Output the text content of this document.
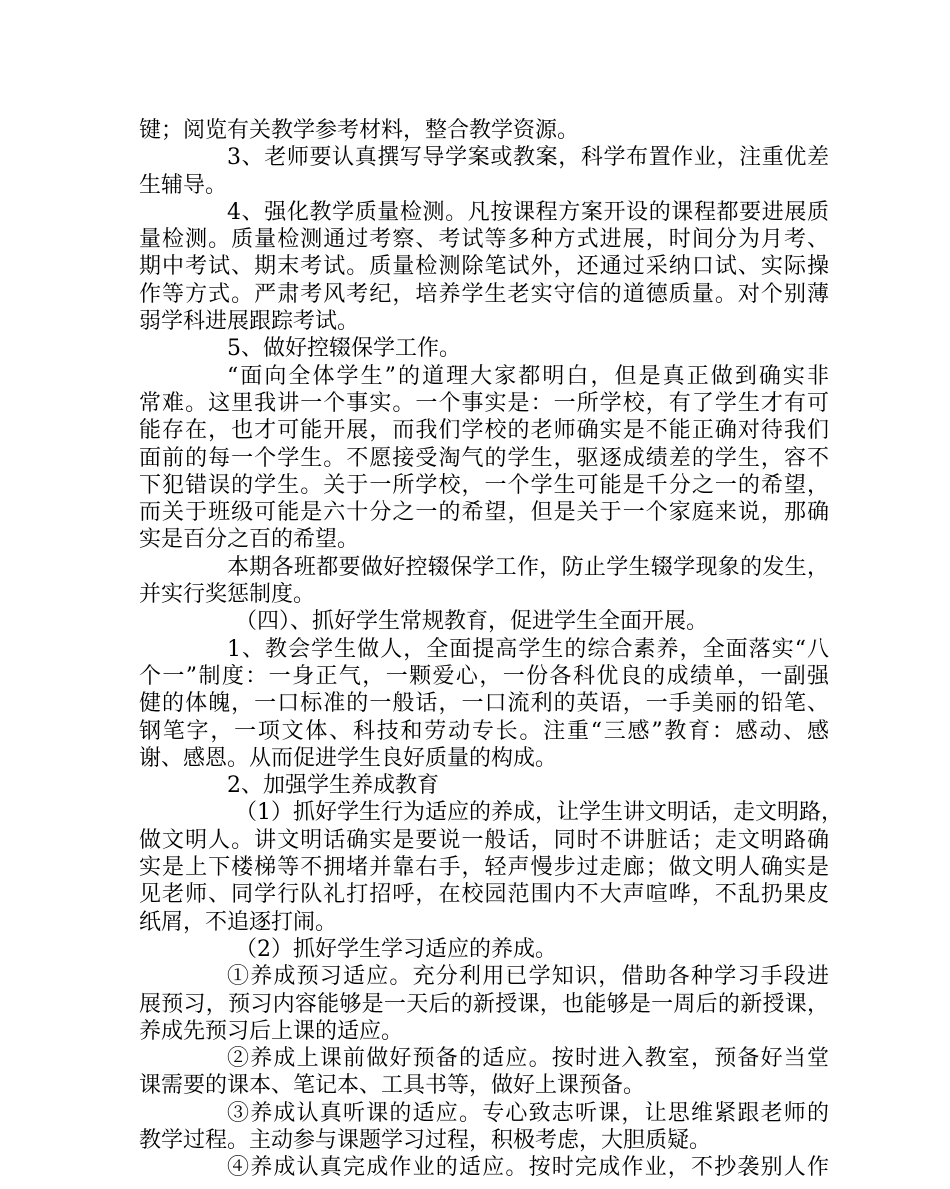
键；阅览有关教学参考材料，整合教学资源。
3、老师要认真撰写导学案或教案，科学布置作业，注重优差
生辅导。
4、强化教学质量检测。凡按课程方案开设的课程都要进展质
量检测。质量检测通过考察、考试等多种方式进展，时间分为月考、
期中考试、期末考试。质量检测除笔试外，还通过采纳口试、实际操
作等方式。严肃考风考纪，培养学生老实守信的道德质量。对个别薄
弱学科进展跟踪考试。
5、做好控辍保学工作。
“面向全体学生”的道理大家都明白，但是真正做到确实非
常难。这里我讲一个事实。一个事实是：一所学校，有了学生才有可
能存在，也才可能开展，而我们学校的老师确实是不能正确对待我们
面前的每一个学生。不愿接受淘气的学生，驱逐成绩差的学生，容不
下犯错误的学生。关于一所学校，一个学生可能是千分之一的希望，
而关于班级可能是六十分之一的希望，但是关于一个家庭来说，那确
实是百分之百的希望。
本期各班都要做好控辍保学工作，防止学生辍学现象的发生，
并实行奖惩制度。
（四）、抓好学生常规教育，促进学生全面开展。
1、教会学生做人，全面提高学生的综合素养，全面落实“八
个一”制度：一身正气，一颗爱心，一份各科优良的成绩单，一副强
健的体魄，一口标准的一般话，一口流利的英语，一手美丽的铅笔、
钢笔字，一项文体、科技和劳动专长。注重“三感”教育：感动、感
谢、感恩。从而促进学生良好质量的构成。
2、加强学生养成教育
（1）抓好学生行为适应的养成，让学生讲文明话，走文明路，
做文明人。讲文明话确实是要说一般话，同时不讲脏话；走文明路确
实是上下楼梯等不拥堵并靠右手，轻声慢步过走廊；做文明人确实是
见老师、同学行队礼打招呼，在校园范围内不大声喧哗，不乱扔果皮
纸屑，不追逐打闹。
（2）抓好学生学习适应的养成。
①养成预习适应。充分利用已学知识，借助各种学习手段进
展预习，预习内容能够是一天后的新授课，也能够是一周后的新授课，
养成先预习后上课的适应。
②养成上课前做好预备的适应。按时进入教室，预备好当堂
课需要的课本、笔记本、工具书等，做好上课预备。
③养成认真听课的适应。专心致志听课，让思维紧跟老师的
教学过程。主动参与课题学习过程，积极考虑，大胆质疑。
④养成认真完成作业的适应。按时完成作业，不抄袭别人作
